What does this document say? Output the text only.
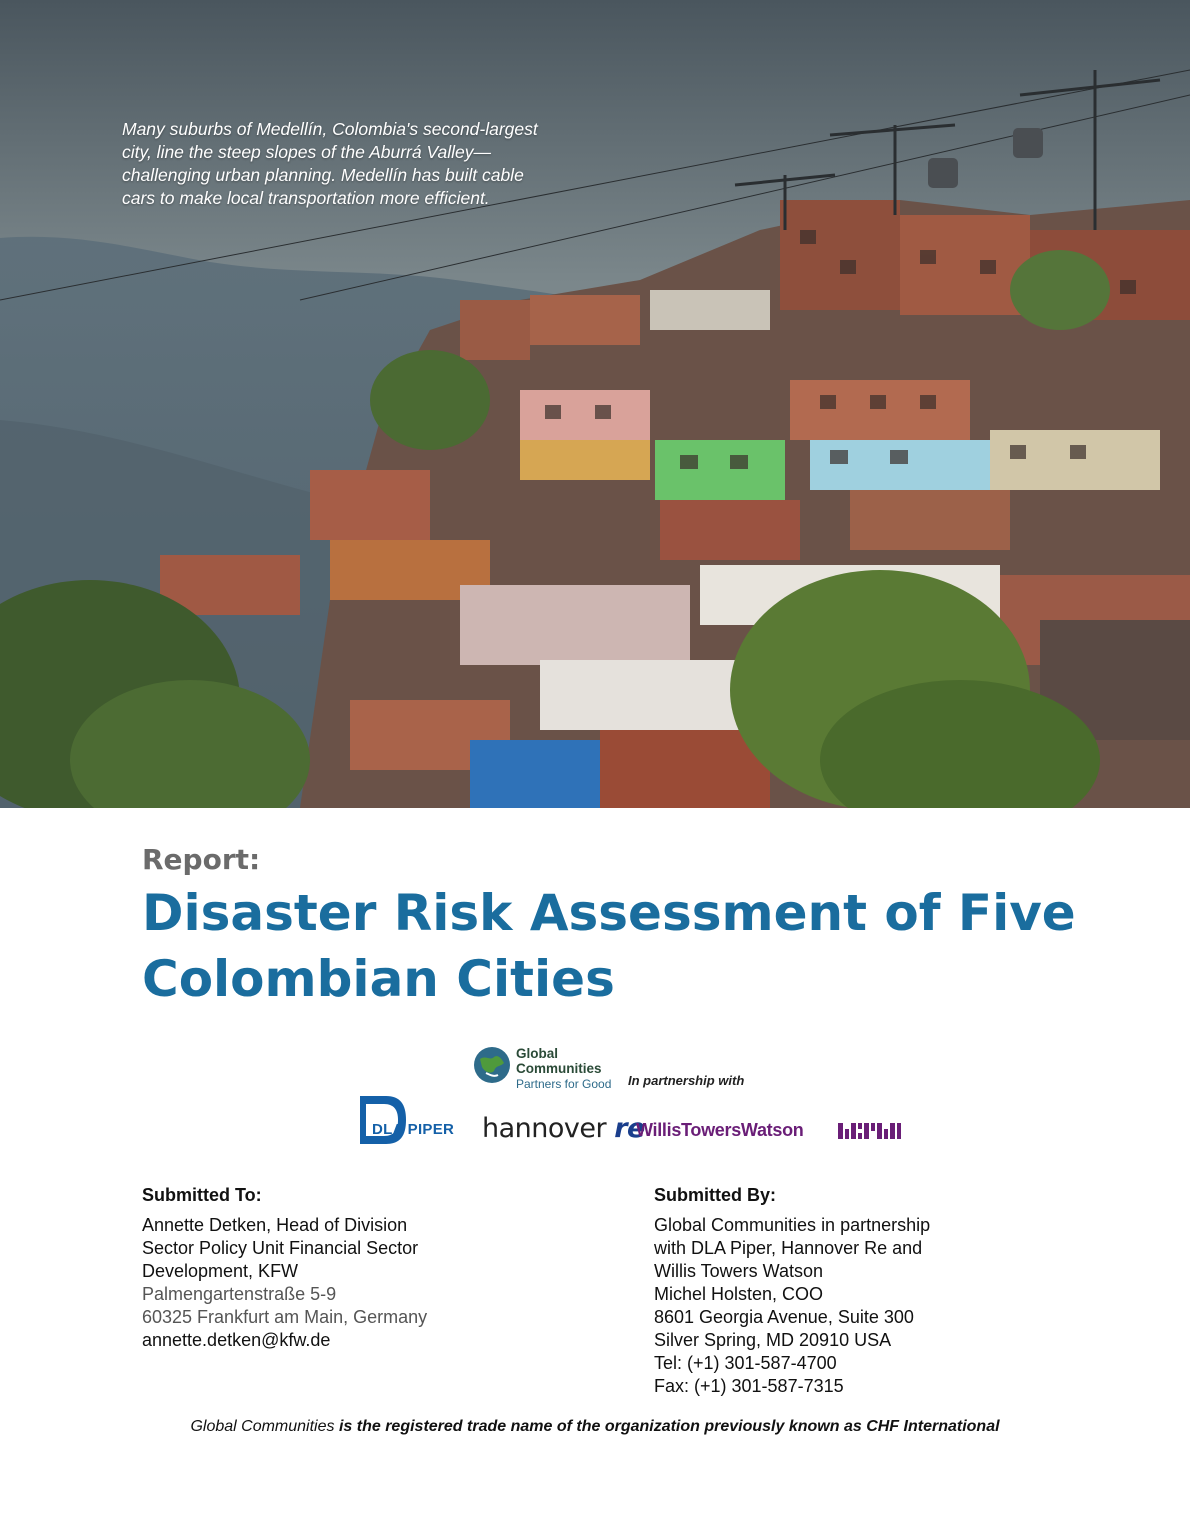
Many suburbs of Medellín, Colombia's second-largest city, line the steep slopes of the Aburrá Valley—challenging urban planning. Medellín has built cable cars to make local transportation more efficient.
Report:
Disaster Risk Assessment of Five Colombian Cities
Global
Communities
Partners for Good In partnership with
DLA PIPER hannover re
WillisTowersWatson
Submitted To:
Annette Detken, Head of Division
Sector Policy Unit Financial Sector
Development, KFW
Palmengartenstraße 5-9
60325 Frankfurt am Main, Germany
annette.detken@kfw.de
Submitted By:
Global Communities in partnership
with DLA Piper, Hannover Re and
Willis Towers Watson
Michel Holsten, COO
8601 Georgia Avenue, Suite 300
Silver Spring, MD 20910 USA
Tel: (+1) 301-587-4700
Fax: (+1) 301-587-7315
Global Communities is the registered trade name of the organization previously known as CHF International
